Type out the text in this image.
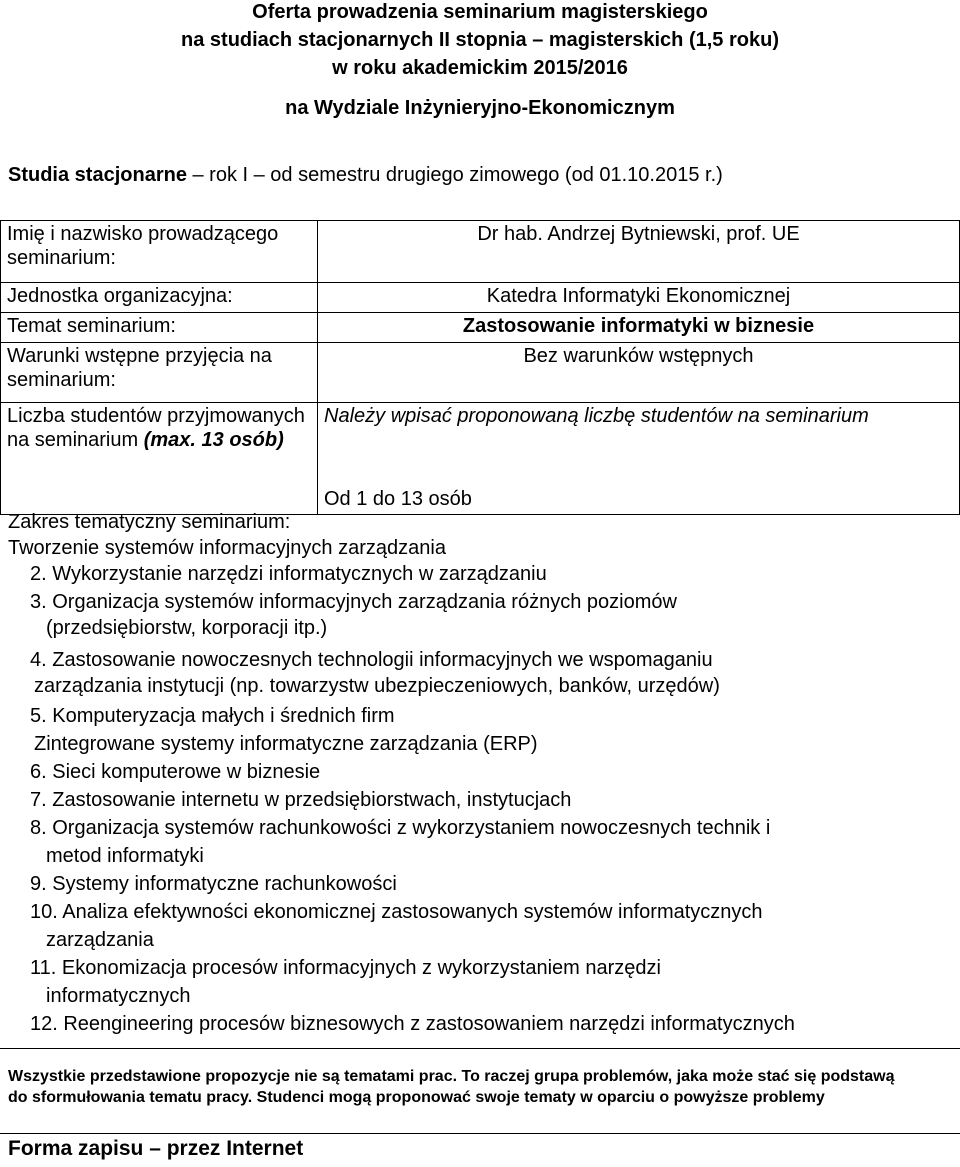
Oferta prowadzenia seminarium magisterskiego
na studiach stacjonarnych II stopnia – magisterskich (1,5 roku)
w roku akademickim 2015/2016
na Wydziale Inżynieryjno-Ekonomicznym
Studia stacjonarne – rok I – od semestru drugiego zimowego (od 01.10.2015 r.)
Imię i nazwisko prowadzącego seminarium:	Dr hab. Andrzej Bytniewski, prof. UE
Jednostka organizacyjna:	Katedra Informatyki Ekonomicznej
Temat seminarium:	Zastosowanie informatyki w biznesie
Warunki wstępne przyjęcia na seminarium:	Bez warunków wstępnych
Liczba studentów przyjmowanych na seminarium (max. 13 osób)	Należy wpisać proponowaną liczbę studentów na seminarium
Od 1 do 13 osób
Zakres tematyczny seminarium:
Tworzenie systemów informacyjnych zarządzania
2. Wykorzystanie narzędzi informatycznych w zarządzaniu
3. Organizacja systemów informacyjnych zarządzania różnych poziomów
(przedsiębiorstw, korporacji itp.)
4. Zastosowanie nowoczesnych technologii informacyjnych we wspomaganiu
zarządzania instytucji (np. towarzystw ubezpieczeniowych, banków, urzędów)
5. Komputeryzacja małych i średnich firm
Zintegrowane systemy informatyczne zarządzania (ERP)
6. Sieci komputerowe w biznesie
7. Zastosowanie internetu w przedsiębiorstwach, instytucjach
8. Organizacja systemów rachunkowości z wykorzystaniem nowoczesnych technik i
metod informatyki
9. Systemy informatyczne rachunkowości
10. Analiza efektywności ekonomicznej zastosowanych systemów informatycznych
zarządzania
11. Ekonomizacja procesów informacyjnych z wykorzystaniem narzędzi
informatycznych
12. Reengineering procesów biznesowych z zastosowaniem narzędzi informatycznych
Wszystkie przedstawione propozycje nie są tematami prac. To raczej grupa problemów, jaka może stać się podstawą do sformułowania tematu pracy. Studenci mogą proponować swoje tematy w oparciu o powyższe problemy
Forma zapisu – przez Internet
